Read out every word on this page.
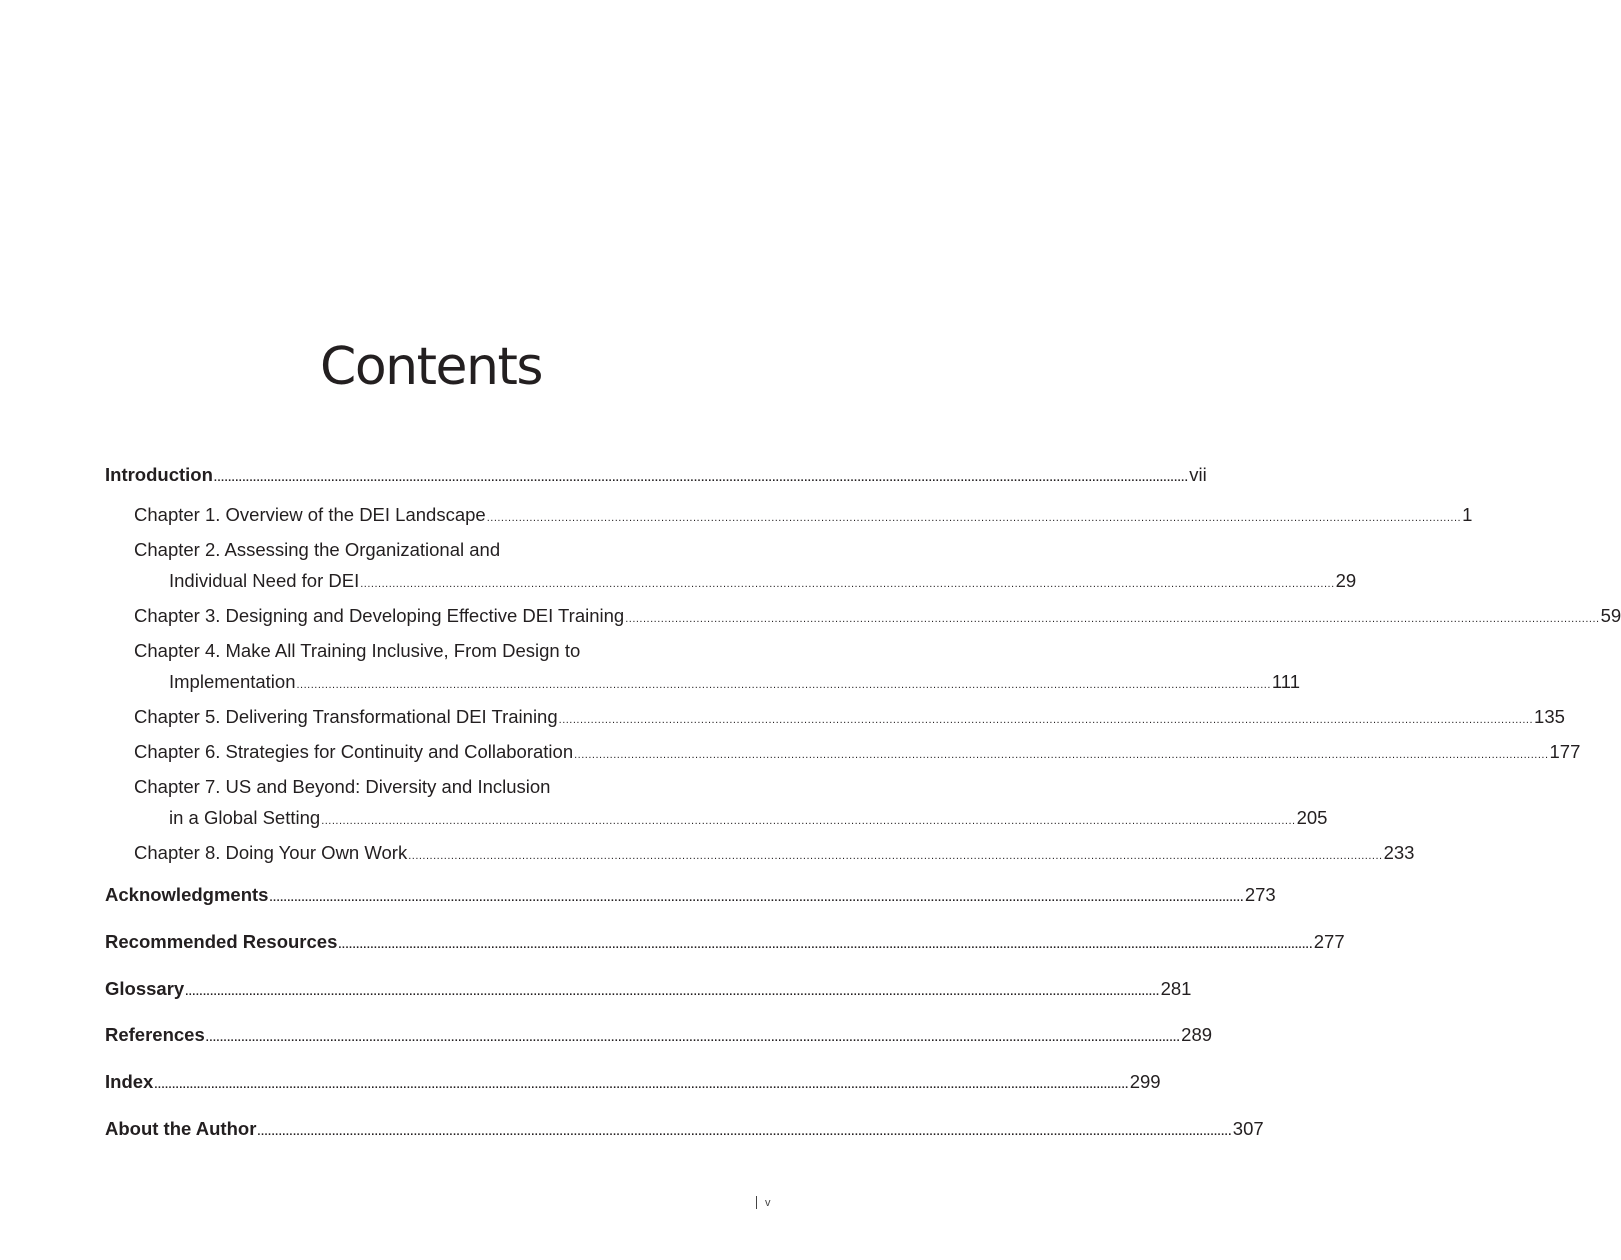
Contents
Introduction .................................................................................................................................................................................................................................................................................. vii
Chapter 1. Overview of the DEI Landscape .................................................................................................................................................................................................................................................................................. 1
Chapter 2. Assessing the Organizational and
Individual Need for DEI .................................................................................................................................................................................................................................................................................. 29
Chapter 3. Designing and Developing Effective DEI Training .................................................................................................................................................................................................................................................................................. 59
Chapter 4. Make All Training Inclusive, From Design to
Implementation .................................................................................................................................................................................................................................................................................. 111
Chapter 5. Delivering Transformational DEI Training .................................................................................................................................................................................................................................................................................. 135
Chapter 6. Strategies for Continuity and Collaboration .................................................................................................................................................................................................................................................................................. 177
Chapter 7. US and Beyond: Diversity and Inclusion
in a Global Setting .................................................................................................................................................................................................................................................................................. 205
Chapter 8. Doing Your Own Work .................................................................................................................................................................................................................................................................................. 233
Acknowledgments .................................................................................................................................................................................................................................................................................. 273
Recommended Resources .................................................................................................................................................................................................................................................................................. 277
Glossary .................................................................................................................................................................................................................................................................................. 281
References .................................................................................................................................................................................................................................................................................. 289
Index .................................................................................................................................................................................................................................................................................. 299
About the Author .................................................................................................................................................................................................................................................................................. 307
v
